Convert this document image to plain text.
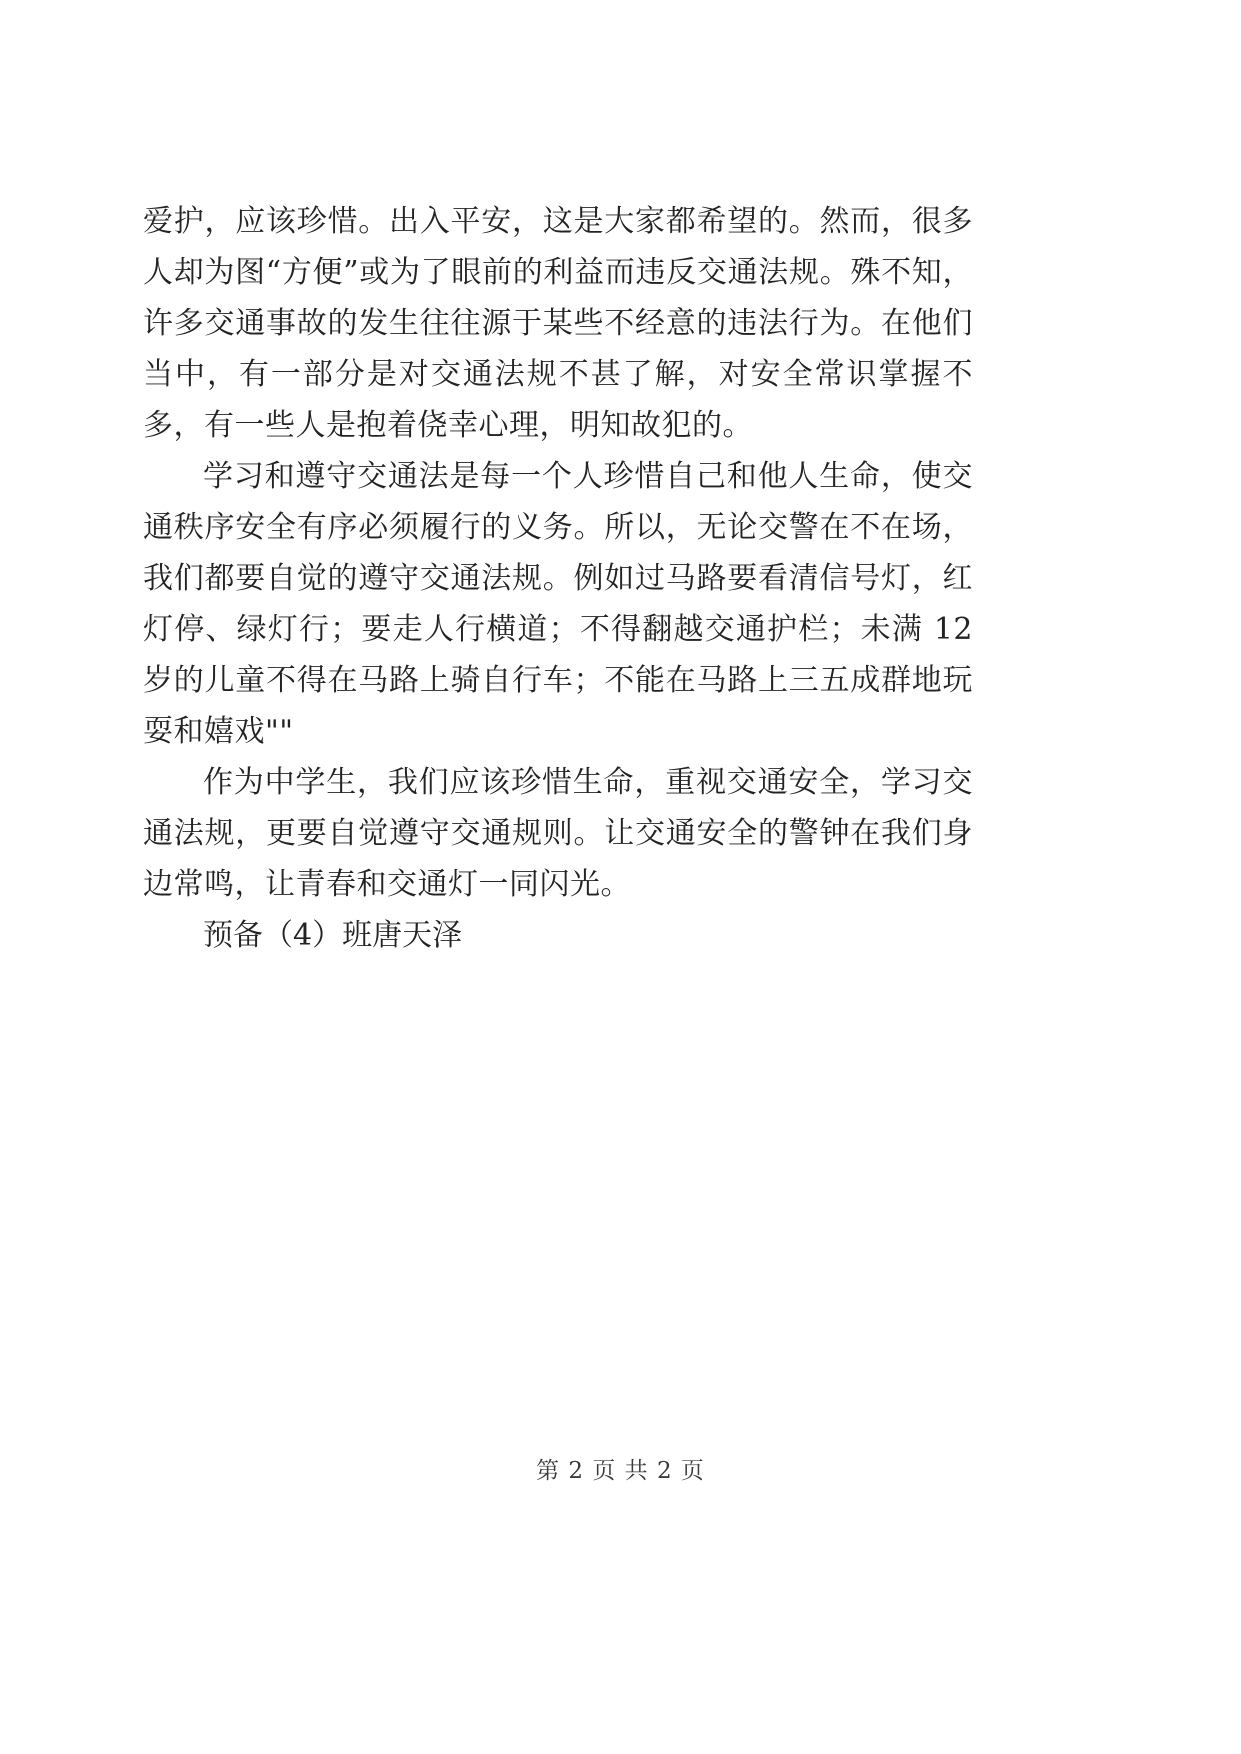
爱护，应该珍惜。出入平安，这是大家都希望的。然而，很多人却为图“方便”或为了眼前的利益而违反交通法规。殊不知，许多交通事故的发生往往源于某些不经意的违法行为。在他们当中，有一部分是对交通法规不甚了解，对安全常识掌握不多，有一些人是抱着侥幸心理，明知故犯的。

学习和遵守交通法是每一个人珍惜自己和他人生命，使交通秩序安全有序必须履行的义务。所以，无论交警在不在场，我们都要自觉的遵守交通法规。例如过马路要看清信号灯，红灯停、绿灯行；要走人行横道；不得翻越交通护栏；未满 12 岁的儿童不得在马路上骑自行车；不能在马路上三五成群地玩耍和嬉戏""

作为中学生，我们应该珍惜生命，重视交通安全，学习交通法规，更要自觉遵守交通规则。让交通安全的警钟在我们身边常鸣，让青春和交通灯一同闪光。

预备（4）班唐天泽

第 2 页 共 2 页
